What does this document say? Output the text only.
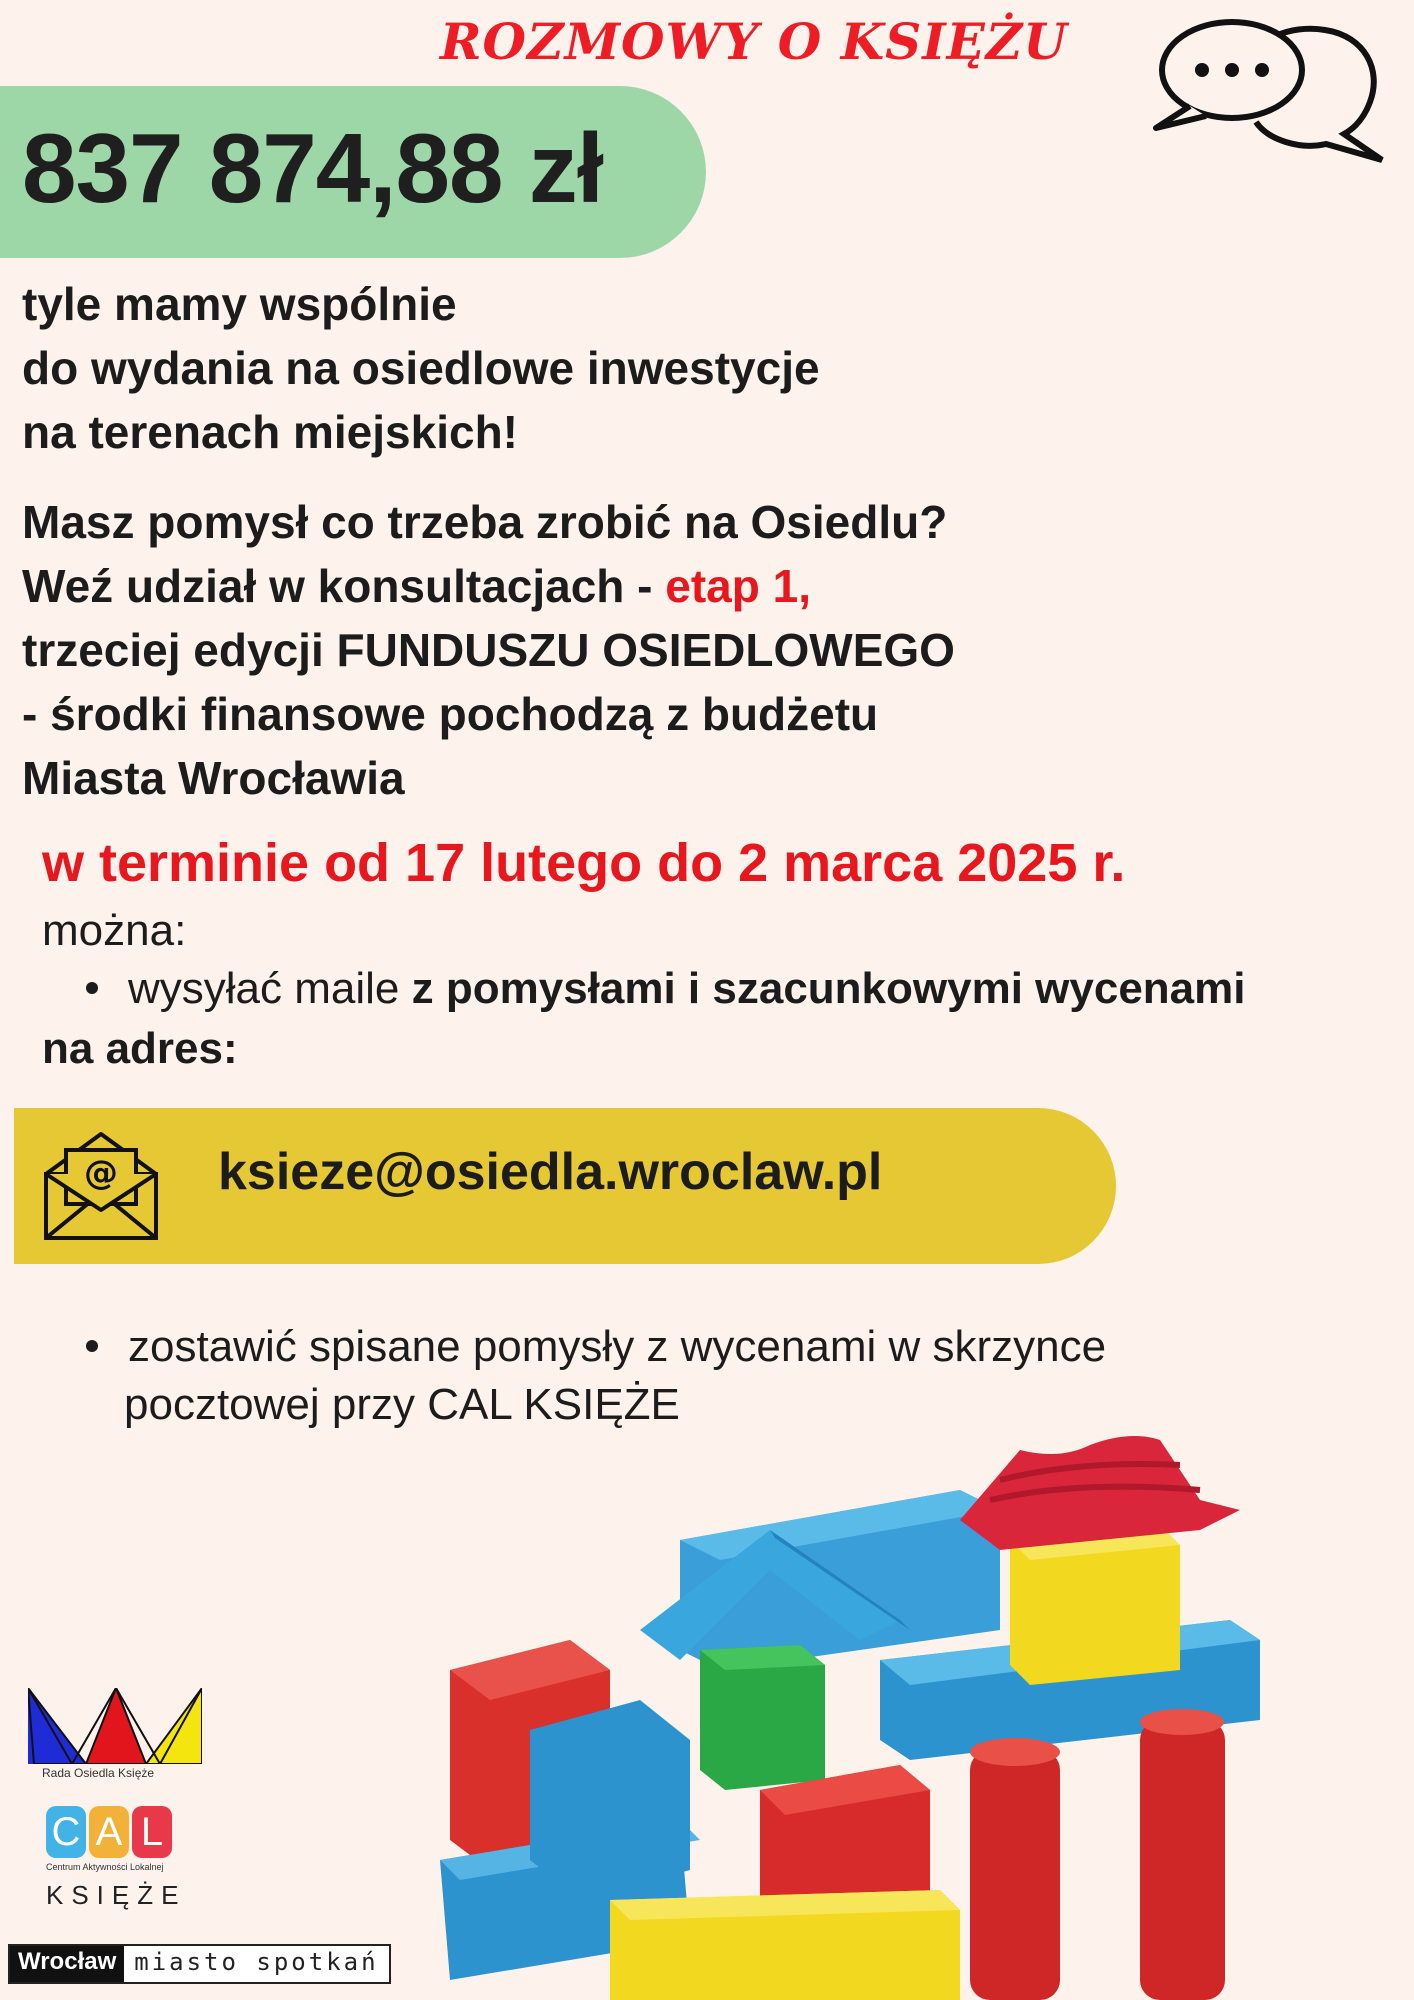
ROZMOWY O KSIĘŻU
837 874,88 zł
tyle mamy wspólnie
do wydania na osiedlowe inwestycje
na terenach miejskich!
Masz pomysł co trzeba zrobić na Osiedlu?
Weź udział w konsultacjach - etap 1,
trzeciej edycji FUNDUSZU OSIEDLOWEGO
- środki finansowe pochodzą z budżetu
Miasta Wrocławia
w terminie od 17 lutego do 2 marca 2025 r.
można:
wysyłać maile z pomysłami i szacunkowymi wycenami
na adres:
@ ksieze@osiedla.wroclaw.pl
zostawić spisane pomysły z wycenami w skrzynce
pocztowej przy CAL KSIĘŻE
Rada Osiedla Księże
C A L
Centrum Aktywności Lokalnej
KSIĘŻE
Wrocław miasto spotkań
